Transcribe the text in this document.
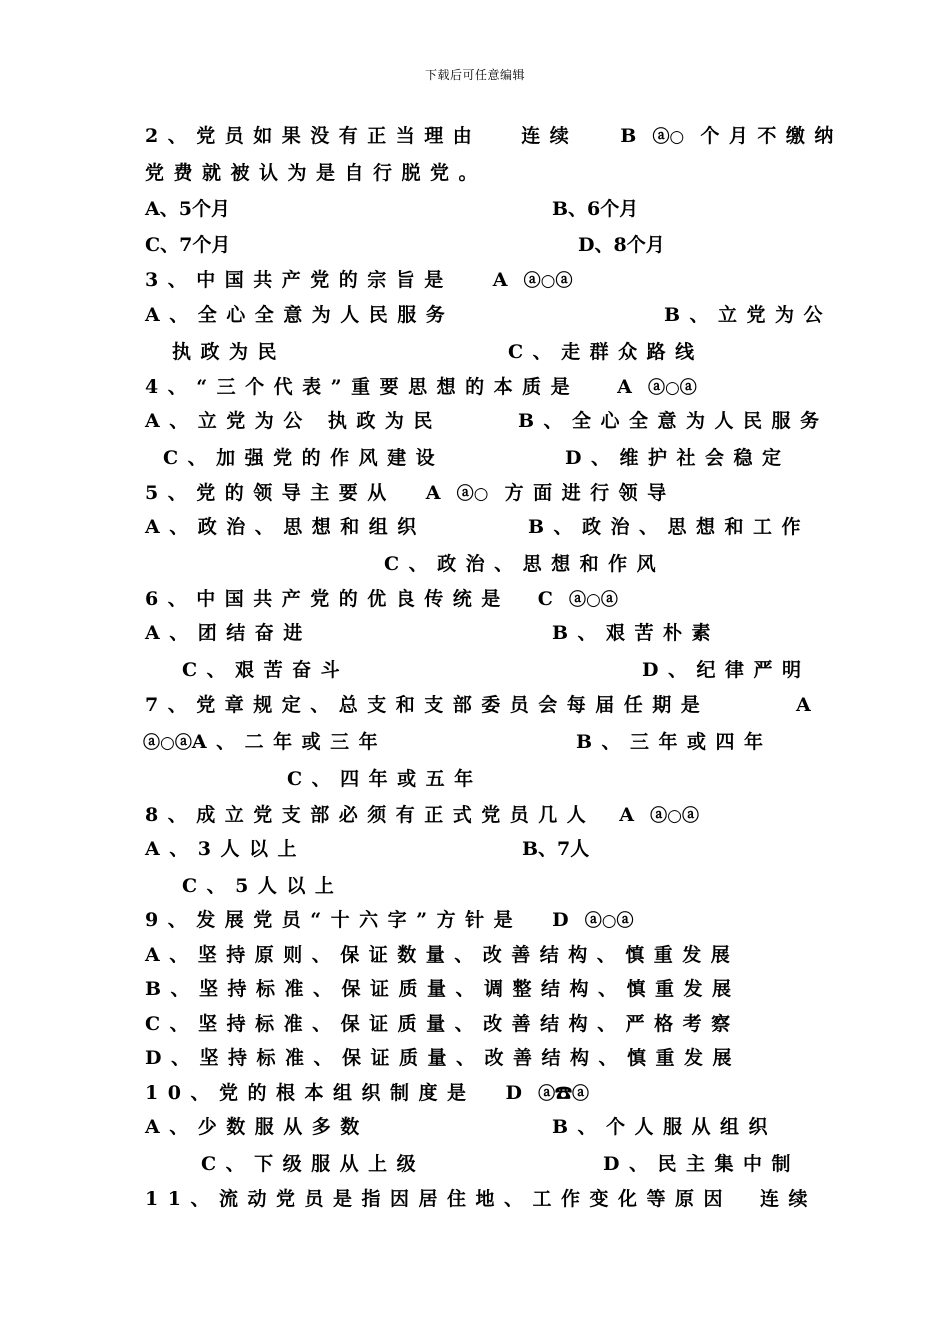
下载后可任意编辑
2、党员如果没有正当理由 连续 B ⓐ○ 个月不缴纳
党费就被认为是自行脱党。
A、5个月	B、6个月
C、7个月	D、8个月
3、中国共产党的宗旨是 A ⓐ○ⓐ
A、全心全意为人民服务	B、立党为公
执政为民	C、走群众路线
4、“三个代表”重要思想的本质是 A ⓐ○ⓐ
A、立党为公 执政为民	B、全心全意为人民服务
C、加强党的作风建设	D、维护社会稳定
5、党的领导主要从 A ⓐ○ 方面进行领导
A、政治、思想和组织	B、政治、思想和工作
C、政治、思想和作风
6、中国共产党的优良传统是 C ⓐ○ⓐ
A、团结奋进	B、艰苦朴素
C、艰苦奋斗	D、纪律严明
7、党章规定、总支和支部委员会每届任期是	A
ⓐ○ⓐA、二年或三年	B、三年或四年
C、四年或五年
8、成立党支部必须有正式党员几人 A ⓐ○ⓐ
A、3人以上	B、7人
C、5人以上
9、发展党员“十六字”方针是 D ⓐ○ⓐ
A、坚持原则、保证数量、改善结构、慎重发展
B、坚持标准、保证质量、调整结构、慎重发展
C、坚持标准、保证质量、改善结构、严格考察
D、坚持标准、保证质量、改善结构、慎重发展
10、党的根本组织制度是 D ⓐ☎ⓐ
A、少数服从多数	B、个人服从组织
C、下级服从上级	D、民主集中制
11、流动党员是指因居住地、工作变化等原因 连续
